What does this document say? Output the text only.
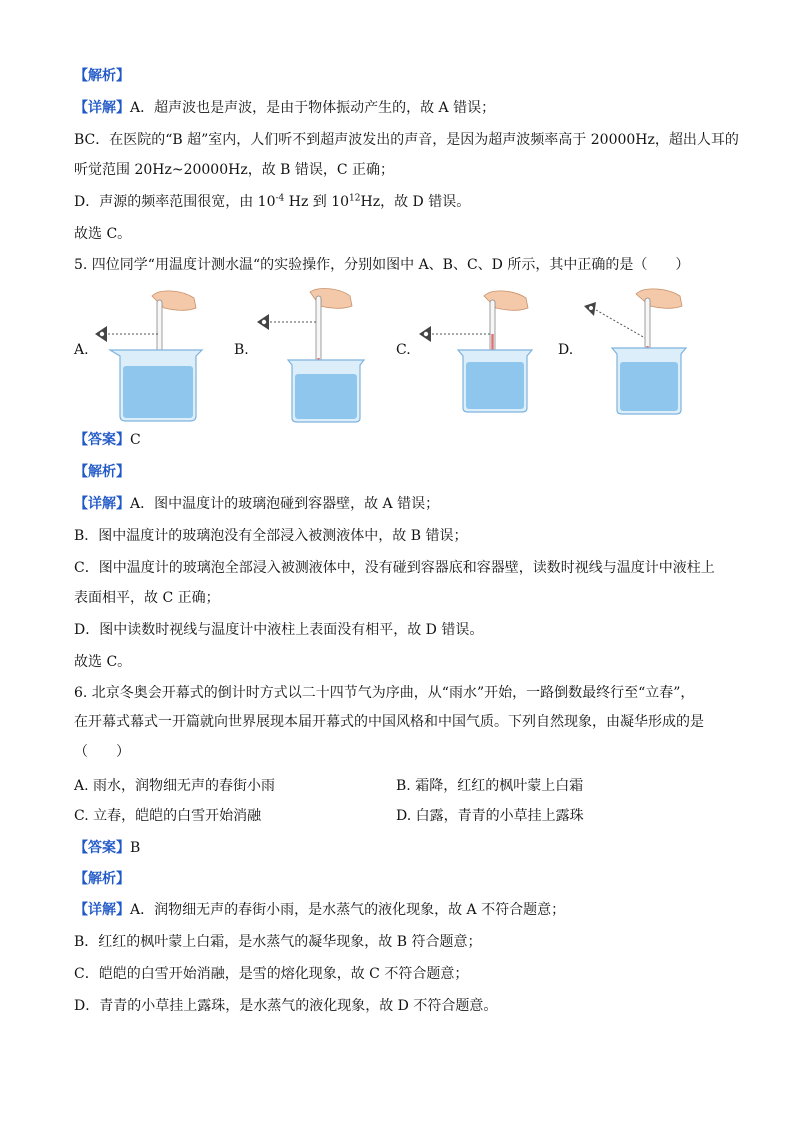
【解析】
【详解】A．超声波也是声波，是由于物体振动产生的，故 A 错误；
BC．在医院的“B 超”室内，人们听不到超声波发出的声音，是因为超声波频率高于 20000Hz，超出人耳的
听觉范围 20Hz~20000Hz，故 B 错误，C 正确；
D．声源的频率范围很宽，由 $10^{-4}$ Hz 到 $10^{12}Hz$，故 D 错误。
故选 C。
5. 四位同学“用温度计测水温“的实验操作，分别如图中 A、B、C、D 所示，其中正确的是（　　）
A.	B.	C.	D.
【答案】C
【解析】
【详解】A．图中温度计的玻璃泡碰到容器壁，故 A 错误；
B．图中温度计的玻璃泡没有全部浸入被测液体中，故 B 错误；
C．图中温度计的玻璃泡全部浸入被测液体中，没有碰到容器底和容器壁，读数时视线与温度计中液柱上
表面相平，故 C 正确；
D．图中读数时视线与温度计中液柱上表面没有相平，故 D 错误。
故选 C。
6. 北京冬奥会开幕式的倒计时方式以二十四节气为序曲，从“雨水”开始，一路倒数最终行至“立春”，
在开幕式幕式一开篇就向世界展现本届开幕式的中国风格和中国气质。下列自然现象，由凝华形成的是
（　　）
A. 雨水，润物细无声的春街小雨	B. 霜降，红红的枫叶蒙上白霜
C. 立春，皑皑的白雪开始消融	D. 白露，青青的小草挂上露珠
【答案】B
【解析】
【详解】A．润物细无声的春街小雨，是水蒸气的液化现象，故 A 不符合题意；
B．红红的枫叶蒙上白霜，是水蒸气的凝华现象，故 B 符合题意；
C．皑皑的白雪开始消融，是雪的熔化现象，故 C 不符合题意；
D．青青的小草挂上露珠，是水蒸气的液化现象，故 D 不符合题意。
